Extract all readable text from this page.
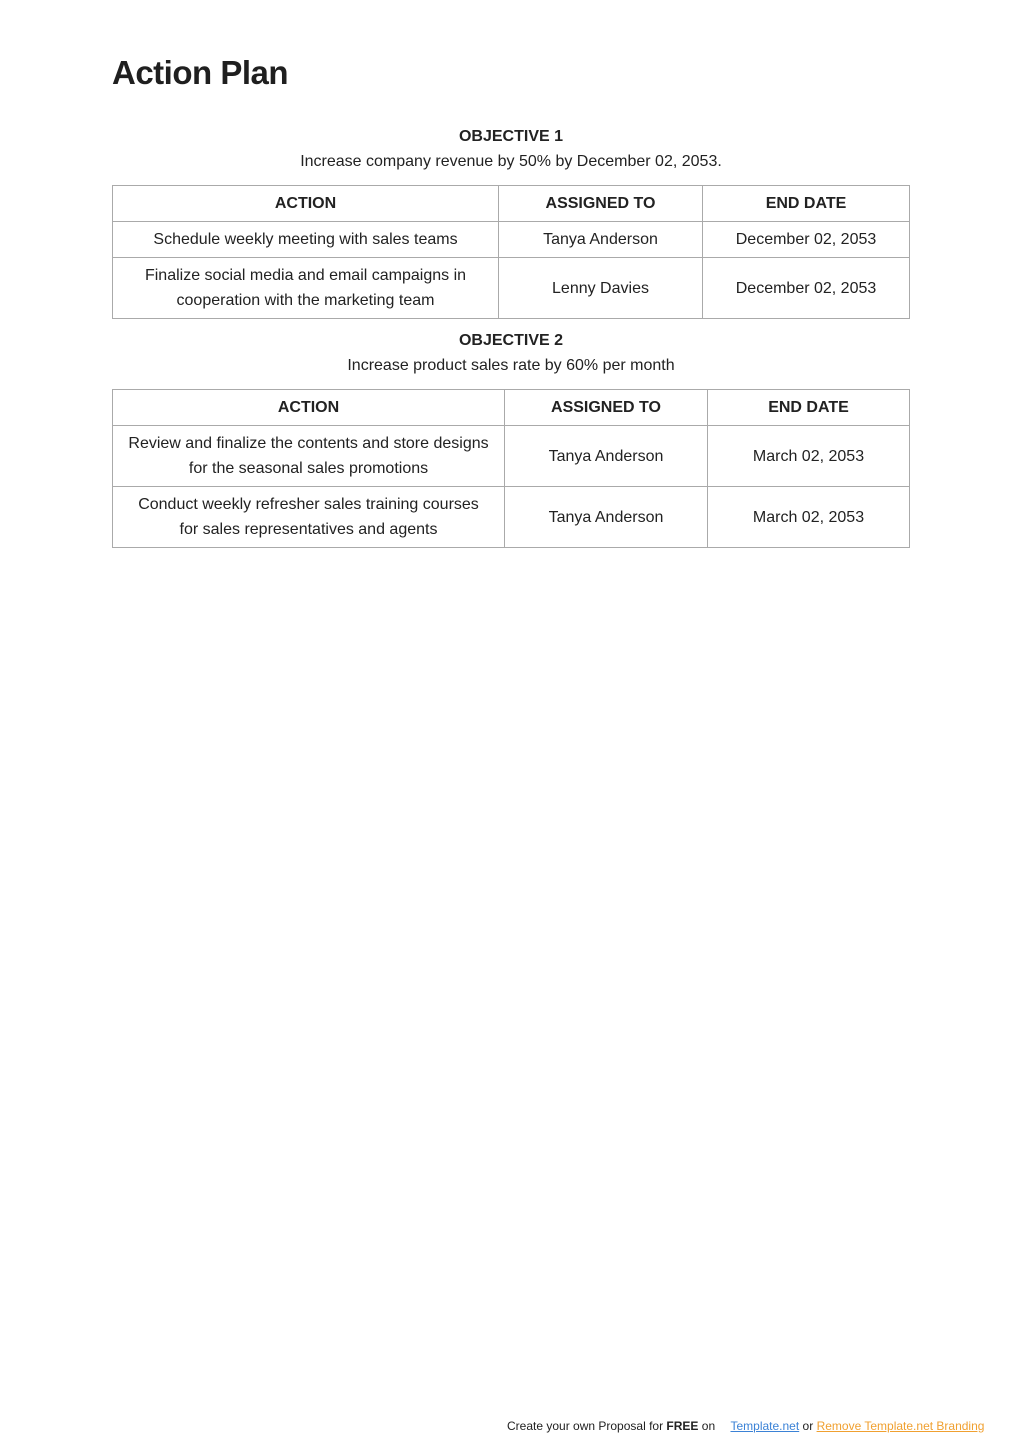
Action Plan
OBJECTIVE 1
Increase company revenue by 50% by December 02, 2053.
ACTION	ASSIGNED TO	END DATE
Schedule weekly meeting with sales teams	Tanya Anderson	December 02, 2053
Finalize social media and email campaigns in cooperation with the marketing team	Lenny Davies	December 02, 2053
OBJECTIVE 2
Increase product sales rate by 60% per month
ACTION	ASSIGNED TO	END DATE
Review and finalize the contents and store designs for the seasonal sales promotions	Tanya Anderson	March 02, 2053
Conduct weekly refresher sales training courses for sales representatives and agents	Tanya Anderson	March 02, 2053
Create your own Proposal for FREE on Template.net or Remove Template.net Branding
